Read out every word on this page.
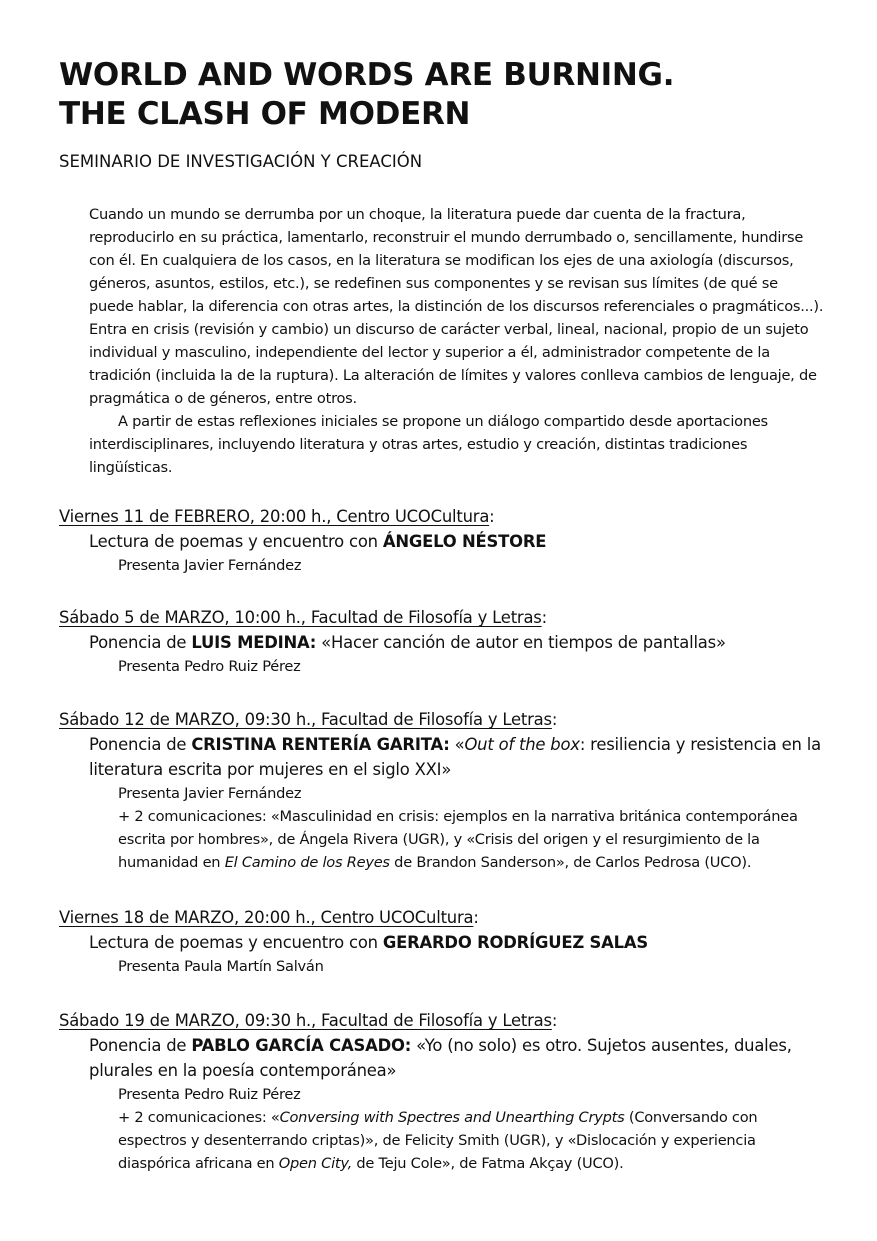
WORLD AND WORDS ARE BURNING.
THE CLASH OF MODERN
SEMINARIO DE INVESTIGACIÓN Y CREACIÓN

Cuando un mundo se derrumba por un choque, la literatura puede dar cuenta de la fractura, reproducirlo en su práctica, lamentarlo, reconstruir el mundo derrumbado o, sencillamente, hundirse con él. En cualquiera de los casos, en la literatura se modifican los ejes de una axiología (discursos, géneros, asuntos, estilos, etc.), se redefinen sus componentes y se revisan sus límites (de qué se puede hablar, la diferencia con otras artes, la distinción de los discursos referenciales o pragmáticos...). Entra en crisis (revisión y cambio) un discurso de carácter verbal, lineal, nacional, propio de un sujeto individual y masculino, independiente del lector y superior a él, administrador competente de la tradición (incluida la de la ruptura). La alteración de límites y valores conlleva cambios de lenguaje, de pragmática o de géneros, entre otros.

A partir de estas reflexiones iniciales se propone un diálogo compartido desde aportaciones interdisciplinares, incluyendo literatura y otras artes, estudio y creación, distintas tradiciones lingüísticas.

Viernes 11 de FEBRERO, 20:00 h., Centro UCOCultura:
Lectura de poemas y encuentro con ÁNGELO NÉSTORE

Presenta Javier Fernández

Sábado 5 de MARZO, 10:00 h., Facultad de Filosofía y Letras:
Ponencia de LUIS MEDINA: «Hacer canción de autor en tiempos de pantallas»

Presenta Pedro Ruiz Pérez

Sábado 12 de MARZO, 09:30 h., Facultad de Filosofía y Letras:
Ponencia de CRISTINA RENTERÍA GARITA: «Out of the box: resiliencia y resistencia en la literatura escrita por mujeres en el siglo XXI»

Presenta Javier Fernández

+ 2 comunicaciones: «Masculinidad en crisis: ejemplos en la narrativa británica contemporánea escrita por hombres», de Ángela Rivera (UGR), y «Crisis del origen y el resurgimiento de la humanidad en El Camino de los Reyes de Brandon Sanderson», de Carlos Pedrosa (UCO).

Viernes 18 de MARZO, 20:00 h., Centro UCOCultura:
Lectura de poemas y encuentro con GERARDO RODRÍGUEZ SALAS

Presenta Paula Martín Salván

Sábado 19 de MARZO, 09:30 h., Facultad de Filosofía y Letras:
Ponencia de PABLO GARCÍA CASADO: «Yo (no solo) es otro. Sujetos ausentes, duales, plurales en la poesía contemporánea»

Presenta Pedro Ruiz Pérez

+ 2 comunicaciones: «Conversing with Spectres and Unearthing Crypts (Conversando con espectros y desenterrando criptas)», de Felicity Smith (UGR), y «Dislocación y experiencia diaspórica africana en Open City, de Teju Cole», de Fatma Akçay (UCO).
